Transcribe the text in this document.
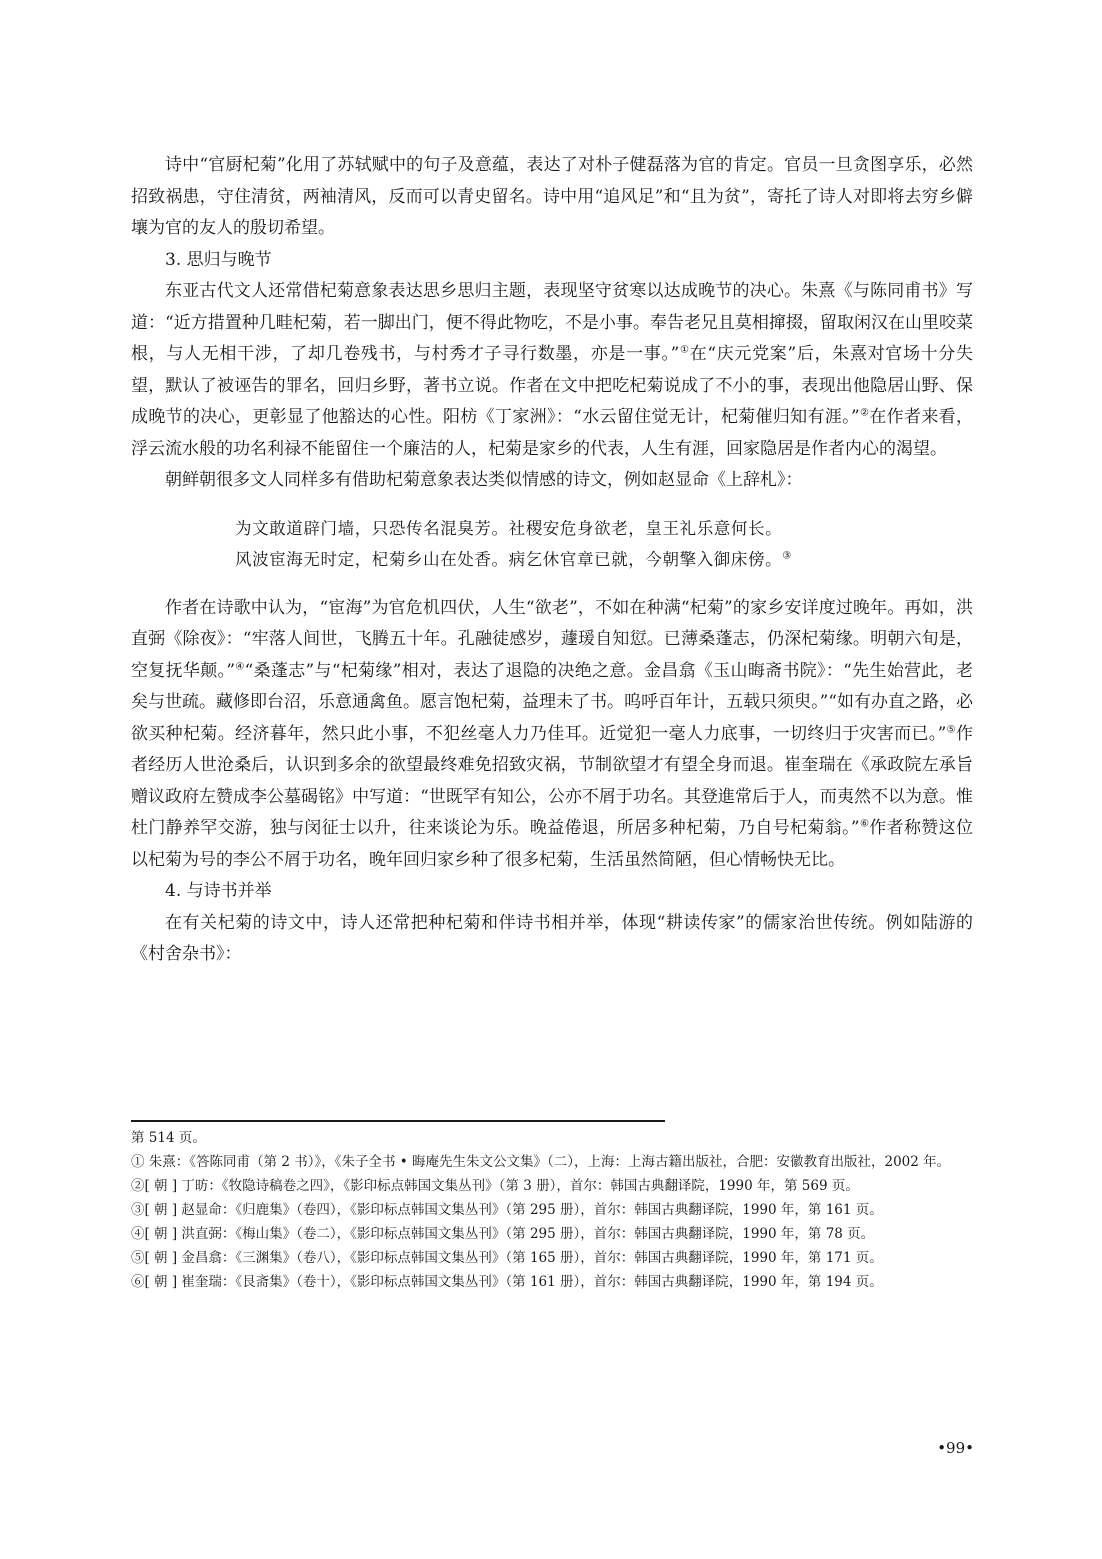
诗中“官厨杞菊”化用了苏轼赋中的句子及意蕴，表达了对朴子健磊落为官的肯定。官员一旦贪图享乐，必然招致祸患，守住清贫，两袖清风，反而可以青史留名。诗中用“追风足”和“且为贫”，寄托了诗人对即将去穷乡僻壤为官的友人的殷切希望。

3. 思归与晚节

东亚古代文人还常借杞菊意象表达思乡思归主题，表现坚守贫寒以达成晚节的决心。朱熹《与陈同甫书》写道：“近方措置种几畦杞菊，若一脚出门，便不得此物吃，不是小事。奉告老兄且莫相撺掇，留取闲汉在山里咬菜根，与人无相干涉，了却几卷残书，与村秀才子寻行数墨，亦是一事。”①在“庆元党案”后，朱熹对官场十分失望，默认了被诬告的罪名，回归乡野，著书立说。作者在文中把吃杞菊说成了不小的事，表现出他隐居山野、保成晚节的决心，更彰显了他豁达的心性。阳枋《丁家洲》：“水云留住觉无计，杞菊催归知有涯。”②在作者来看，浮云流水般的功名利禄不能留住一个廉洁的人，杞菊是家乡的代表，人生有涯，回家隐居是作者内心的渴望。

朝鲜朝很多文人同样多有借助杞菊意象表达类似情感的诗文，例如赵显命《上辞札》：

为文敢道辟门墙，只恐传名混臭芳。社稷安危身欲老，皇王礼乐意何长。
风波宦海无时定，杞菊乡山在处香。病乞休官章已就，今朝擎入御床傍。③

作者在诗歌中认为，“宦海”为官危机四伏，人生“欲老”，不如在种满“杞菊”的家乡安详度过晚年。再如，洪直弼《除夜》：“牢落人间世，飞腾五十年。孔融徒感岁，蘧瑗自知愆。已薄桑蓬志，仍深杞菊缘。明朝六旬是，空复抚华颠。”④“桑蓬志”与“杞菊缘”相对，表达了退隐的决绝之意。金昌翕《玉山晦斋书院》：“先生始营此，老矣与世疏。藏修即台沼，乐意通禽鱼。愿言饱杞菊，益理未了书。呜呼百年计，五载只须臾。”“如有办直之路，必欲买种杞菊。经济暮年，然只此小事，不犯丝毫人力乃佳耳。近觉犯一毫人力底事，一切终归于灾害而已。”⑤作者经历人世沧桑后，认识到多余的欲望最终难免招致灾祸，节制欲望才有望全身而退。崔奎瑞在《承政院左承旨赠议政府左赞成李公墓碣铭》中写道：“世既罕有知公，公亦不屑于功名。其登進常后于人，而夷然不以为意。惟杜门静养罕交游，独与闵征士以升，往来谈论为乐。晚益倦退，所居多种杞菊，乃自号杞菊翁。”⑥作者称赞这位以杞菊为号的李公不屑于功名，晚年回归家乡种了很多杞菊，生活虽然简陋，但心情畅快无比。

4. 与诗书并举

在有关杞菊的诗文中，诗人还常把种杞菊和伴诗书相并举，体现“耕读传家”的儒家治世传统。例如陆游的《村舍杂书》：

第 514 页。
① 朱熹：《答陈同甫（第 2 书）》，《朱子全书 • 晦庵先生朱文公文集》（二），上海：上海古籍出版社，合肥：安徽教育出版社，2002 年。
②[ 朝 ] 丁昉：《牧隐诗稿卷之四》，《影印标点韩国文集丛刊》（第 3 册），首尔：韩国古典翻译院，1990 年，第 569 页。
③[ 朝 ] 赵显命：《归鹿集》（卷四），《影印标点韩国文集丛刊》（第 295 册），首尔：韩国古典翻译院，1990 年，第 161 页。
④[ 朝 ] 洪直弼：《梅山集》（卷二），《影印标点韩国文集丛刊》（第 295 册），首尔：韩国古典翻译院，1990 年，第 78 页。
⑤[ 朝 ] 金昌翕：《三渊集》（卷八），《影印标点韩国文集丛刊》（第 165 册），首尔：韩国古典翻译院，1990 年，第 171 页。
⑥[ 朝 ] 崔奎瑞：《艮斋集》（卷十），《影印标点韩国文集丛刊》（第 161 册），首尔：韩国古典翻译院，1990 年，第 194 页。
•99•
